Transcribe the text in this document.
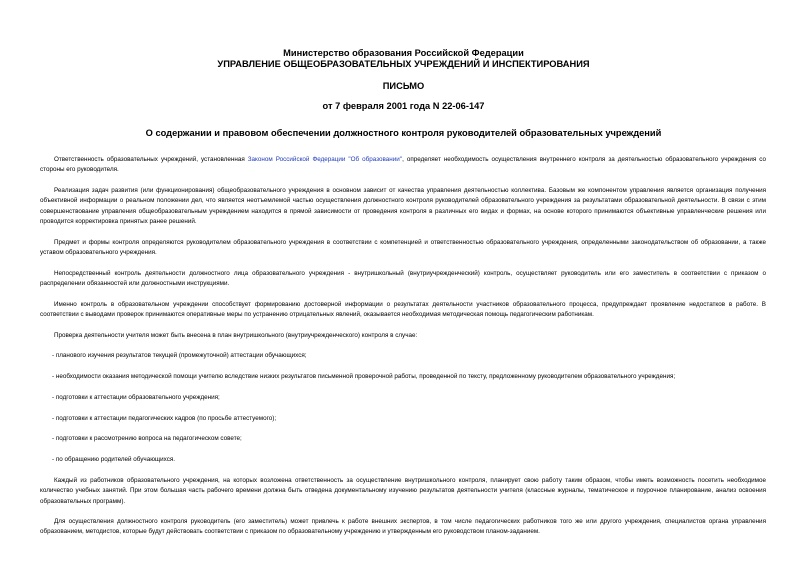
Министерство образования Российской Федерации
УПРАВЛЕНИЕ ОБЩЕОБРАЗОВАТЕЛЬНЫХ УЧРЕЖДЕНИЙ И ИНСПЕКТИРОВАНИЯ
ПИСЬМО
от 7 февраля 2001 года N 22-06-147
О содержании и правовом обеспечении должностного контроля руководителей образовательных учреждений
Ответственность образовательных учреждений, установленная Законом Российской Федерации "Об образовании", определяет необходимость осуществления внутреннего контроля за деятельностью образовательного учреждения со стороны его руководителя.
Реализация задач развития (или функционирования) общеобразовательного учреждения в основном зависит от качества управления деятельностью коллектива. Базовым же компонентом управления является организация получения объективной информации о реальном положении дел, что является неотъемлемой частью осуществления должностного контроля руководителей образовательного учреждения за результатами образовательной деятельности. В связи с этим совершенствование управления общеобразовательным учреждением находится в прямой зависимости от проведения контроля в различных его видах и формах, на основе которого принимаются объективные управленческие решения или проводится корректировка принятых ранее решений.
Предмет и формы контроля определяются руководителем образовательного учреждения в соответствии с компетенцией и ответственностью образовательного учреждения, определенными законодательством об образовании, а также уставом образовательного учреждения.
Непосредственный контроль деятельности должностного лица образовательного учреждения - внутришкольный (внутриучрежденческий) контроль, осуществляет руководитель или его заместитель в соответствии с приказом о распределении обязанностей или должностными инструкциями.
Именно контроль в образовательном учреждении способствует формированию достоверной информации о результатах деятельности участников образовательного процесса, предупреждает проявление недостатков в работе. В соответствии с выводами проверок принимаются оперативные меры по устранению отрицательных явлений, оказывается необходимая методическая помощь педагогическим работникам.
Проверка деятельности учителя может быть внесена в план внутришкольного (внутриучрежденческого) контроля в случае:
- планового изучения результатов текущей (промежуточной) аттестации обучающихся;
- необходимости оказания методической помощи учителю вследствие низких результатов письменной проверочной работы, проведенной по тексту, предложенному руководителем образовательного учреждения;
- подготовки к аттестации образовательного учреждения;
- подготовки к аттестации педагогических кадров (по просьбе аттестуемого);
- подготовки к рассмотрению вопроса на педагогическом совете;
- по обращению родителей обучающихся.
Каждый из работников образовательного учреждения, на которых возложена ответственность за осуществление внутришкольного контроля, планирует свою работу таким образом, чтобы иметь возможность посетить необходимое количество учебных занятий. При этом большая часть рабочего времени должна быть отведена документальному изучению результатов деятельности учителя (классные журналы, тематическое и поурочное планирование, анализ освоения образовательных программ).
Для осуществления должностного контроля руководитель (его заместитель) может привлечь к работе внешних экспертов, в том числе педагогических работников того же или другого учреждения, специалистов органа управления образованием, методистов, которые будут действовать соответствии с приказом по образовательному учреждению и утвержденным его руководством планом-заданием.
